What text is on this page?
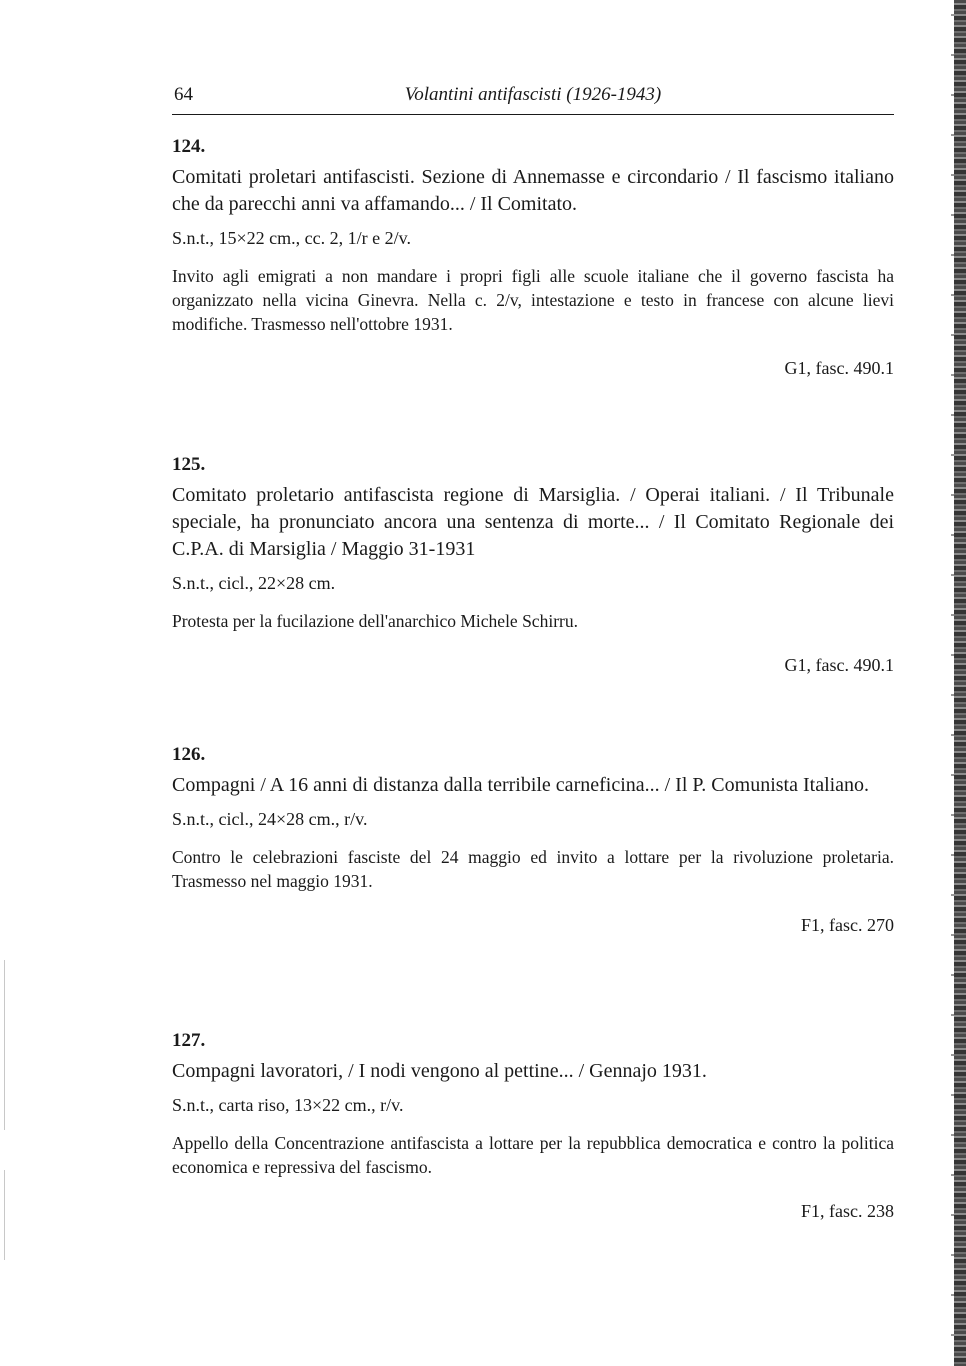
64	Volantini antifascisti (1926-1943)
124.

Comitati proletari antifascisti. Sezione di Annemasse e circondario / Il fascismo italiano che da parecchi anni va affamando... / Il Comitato.

S.n.t., 15×22 cm., cc. 2, 1/r e 2/v.

Invito agli emigrati a non mandare i propri figli alle scuole italiane che il governo fascista ha organizzato nella vicina Ginevra. Nella c. 2/v, intestazione e testo in francese con alcune lievi modifiche. Trasmesso nell'ottobre 1931.

G1, fasc. 490.1

125.

Comitato proletario antifascista regione di Marsiglia. / Operai italiani. / Il Tribunale speciale, ha pronunciato ancora una sentenza di morte... / Il Comitato Regionale dei C.P.A. di Marsiglia / Maggio 31-1931

S.n.t., cicl., 22×28 cm.

Protesta per la fucilazione dell'anarchico Michele Schirru.

G1, fasc. 490.1

126.

Compagni / A 16 anni di distanza dalla terribile carneficina... / Il P. Comunista Italiano.

S.n.t., cicl., 24×28 cm., r/v.

Contro le celebrazioni fasciste del 24 maggio ed invito a lottare per la rivoluzione proletaria. Trasmesso nel maggio 1931.

F1, fasc. 270

127.

Compagni lavoratori, / I nodi vengono al pettine... / Gennajo 1931.

S.n.t., carta riso, 13×22 cm., r/v.

Appello della Concentrazione antifascista a lottare per la repubblica democratica e contro la politica economica e repressiva del fascismo.

F1, fasc. 238
